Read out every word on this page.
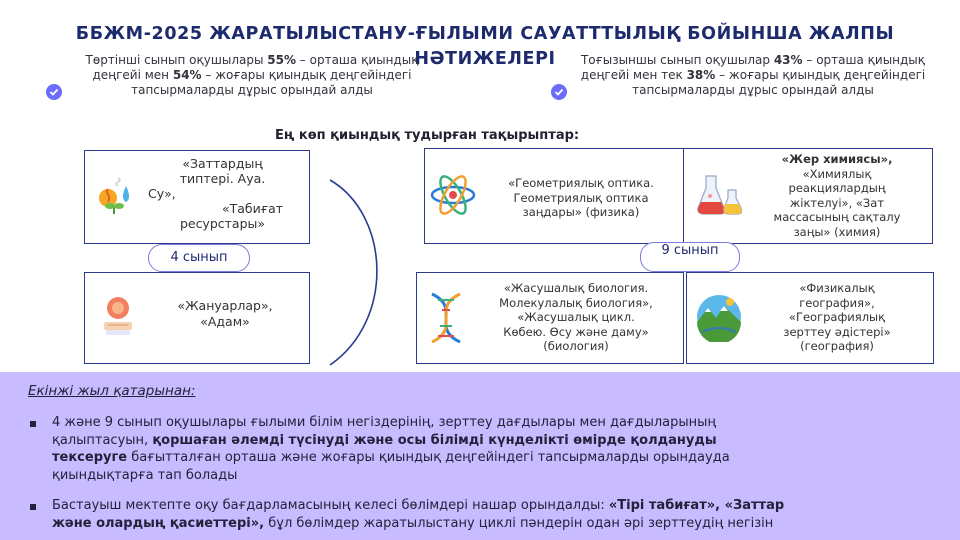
ББЖМ-2025 ЖАРАТЫЛЫСТАНУ-ҒЫЛЫМИ САУАТТТЫЛЫҚ БОЙЫНША ЖАЛПЫ НӘТИЖЕЛЕРІ
Төртінші сынып оқушылары 55% – орташа қиындық деңгейі мен 54% – жоғары қиындық деңгейіндегі тапсырмаларды дұрыс орындай алды
Тоғызыншы сынып оқушылар 43% – орташа қиындық деңгейі мен тек 38% – жоғары қиындық деңгейіндегі тапсырмаларды дұрыс орындай алды
Ең көп қиындық тудырған тақырыптар:
«Заттардың
типтері. Ауа.
Су»,
«Табиғат
ресурстары»
4 сынып
«Жануарлар»,
«Адам»
«Геометриялық оптика.
Геометриялық оптика
заңдары» (физика)
«Жер химиясы»,
«Химиялық
реакциялардың
жіктелуі», «Зат
массасының сақталу
заңы» (химия)
9 сынып
«Жасушалық биология.
Молекулалық биология»,
«Жасушалық цикл.
Көбею. Өсу және даму»
(биология)
«Физикалық
география»,
«Географиялық
зерттеу әдістері»
(география)
Екінжі жыл қатарынан:
4 және 9 сынып оқушылары ғылыми білім негіздерінің, зерттеу дағдылары мен дағдыларының
қалыптасуын, қоршаған әлемді түсінуді және осы білімді күнделікті өмірде қолдануды
тексеруге бағытталған орташа және жоғары қиындық деңгейіндегі тапсырмаларды орындауда
қиындықтарға тап болады
Бастауыш мектепте оқу бағдарламасының келесі бөлімдері нашар орындалды: «Тірі табиғат», «Заттар
және олардың қасиеттері», бұл бөлімдер жаратылыстану циклі пәндерін одан әрі зерттеудің негізін
